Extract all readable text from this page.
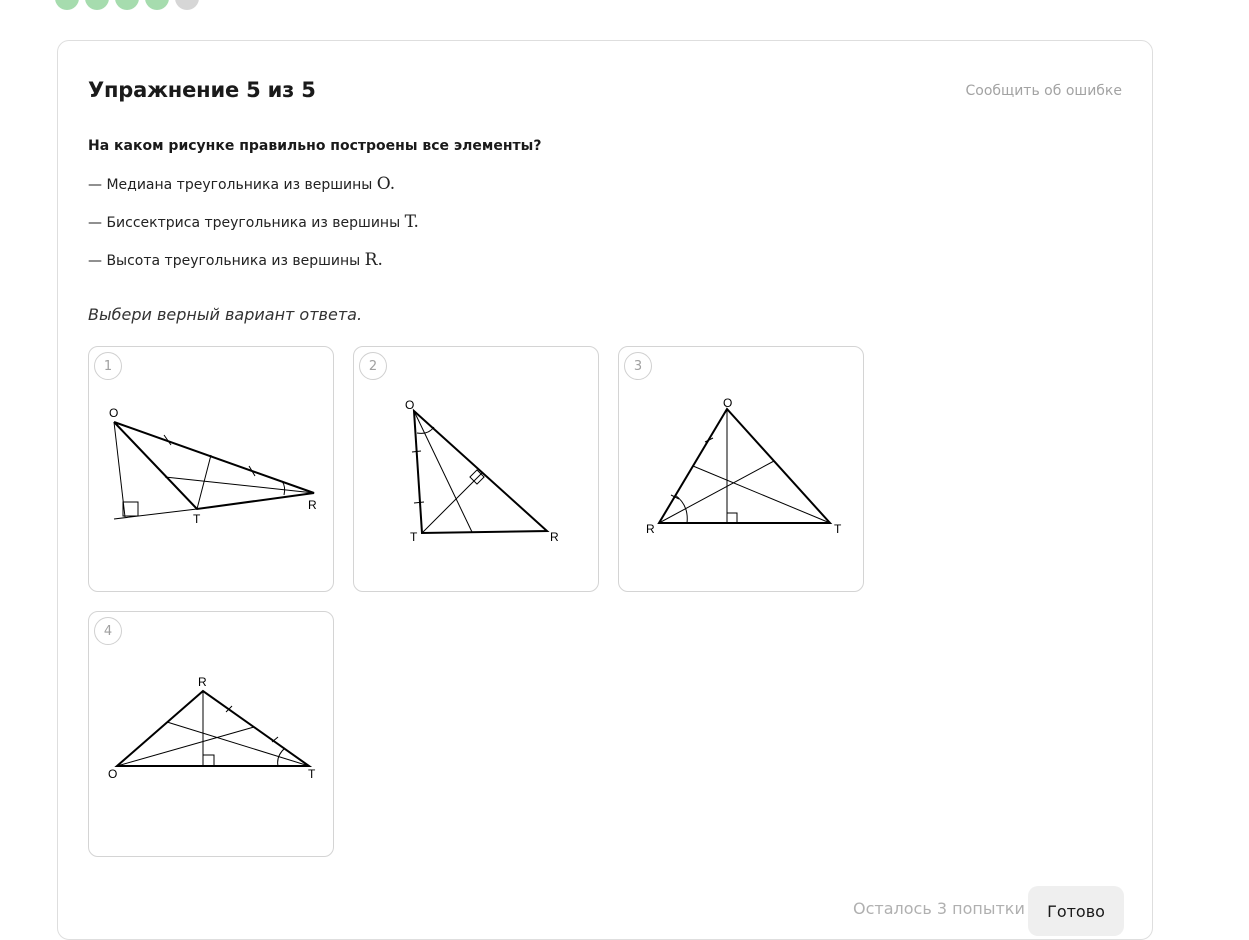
Упражнение 5 из 5	Сообщить об ошибке
На каком рисунке правильно построены все элементы?
— Медиана треугольника из вершины O.
— Биссектриса треугольника из вершины T.
— Высота треугольника из вершины R.
Выбери верный вариант ответа.
1
O
T
R
2
O
T	R
3
O
T
R
4
R
O	T
Осталось 3 попытки	Готово
